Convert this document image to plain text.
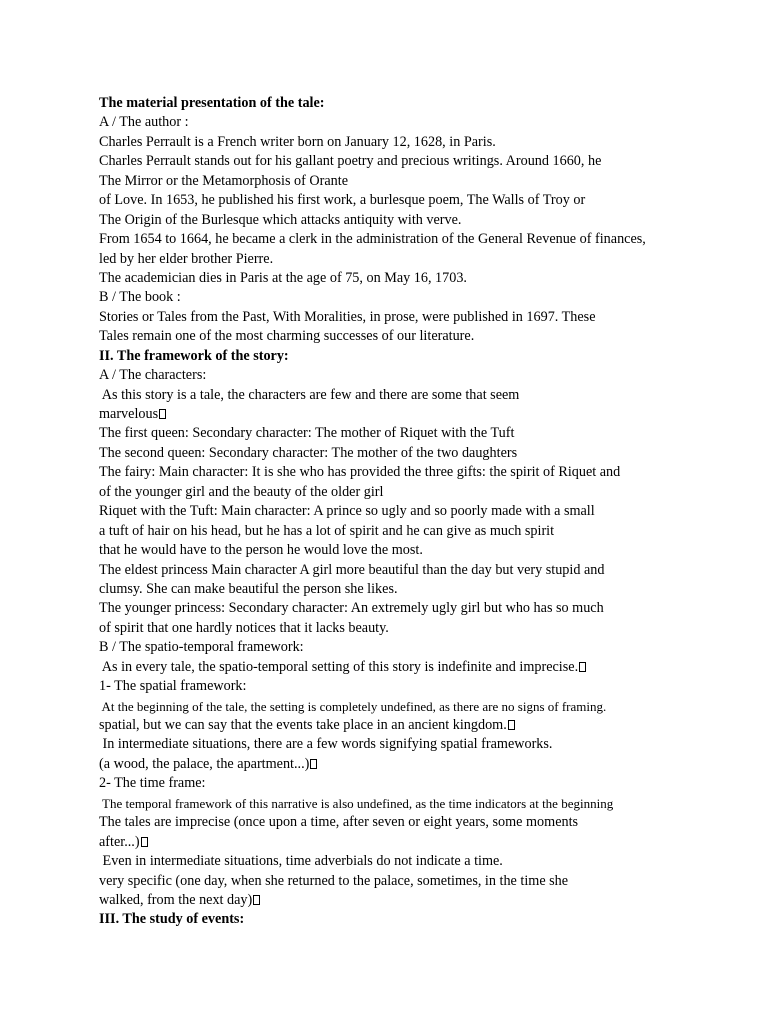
The material presentation of the tale:
A / The author :
Charles Perrault is a French writer born on January 12, 1628, in Paris.
Charles Perrault stands out for his gallant poetry and precious writings. Around 1660, he
The Mirror or the Metamorphosis of Orante
of Love. In 1653, he published his first work, a burlesque poem, The Walls of Troy or
The Origin of the Burlesque which attacks antiquity with verve.
From 1654 to 1664, he became a clerk in the administration of the General Revenue of finances,
led by her elder brother Pierre.
The academician dies in Paris at the age of 75, on May 16, 1703.
B / The book :
Stories or Tales from the Past, With Moralities, in prose, were published in 1697. These
Tales remain one of the most charming successes of our literature.
II. The framework of the story:
A / The characters:
As this story is a tale, the characters are few and there are some that seem
marvelous
The first queen: Secondary character: The mother of Riquet with the Tuft
The second queen: Secondary character: The mother of the two daughters
The fairy: Main character: It is she who has provided the three gifts: the spirit of Riquet and
of the younger girl and the beauty of the older girl
Riquet with the Tuft: Main character: A prince so ugly and so poorly made with a small
a tuft of hair on his head, but he has a lot of spirit and he can give as much spirit
that he would have to the person he would love the most.
The eldest princess Main character A girl more beautiful than the day but very stupid and
clumsy. She can make beautiful the person she likes.
The younger princess: Secondary character: An extremely ugly girl but who has so much
of spirit that one hardly notices that it lacks beauty.
B / The spatio-temporal framework:
As in every tale, the spatio-temporal setting of this story is indefinite and imprecise.
1- The spatial framework:
At the beginning of the tale, the setting is completely undefined, as there are no signs of framing.
spatial, but we can say that the events take place in an ancient kingdom.
In intermediate situations, there are a few words signifying spatial frameworks.
(a wood, the palace, the apartment...)
2- The time frame:
The temporal framework of this narrative is also undefined, as the time indicators at the beginning
The tales are imprecise (once upon a time, after seven or eight years, some moments
after...)
Even in intermediate situations, time adverbials do not indicate a time.
very specific (one day, when she returned to the palace, sometimes, in the time she
walked, from the next day)
III. The study of events:
